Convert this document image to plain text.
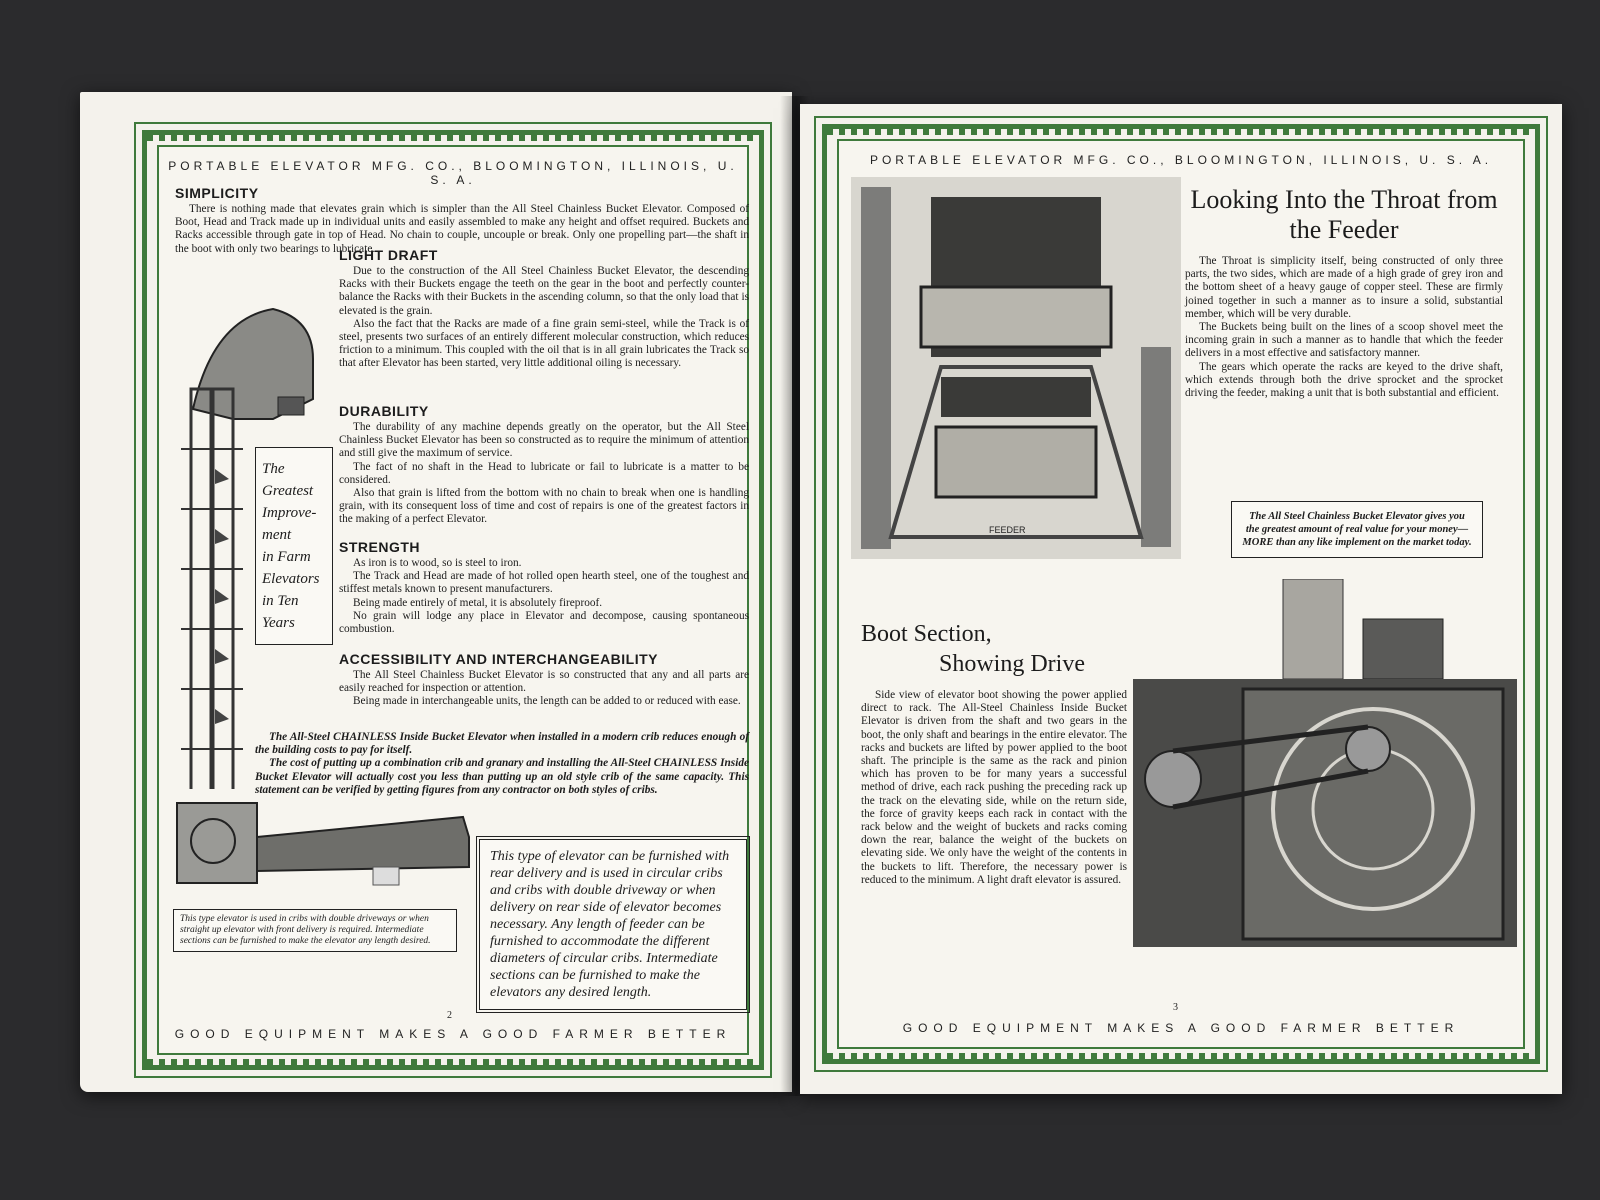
PORTABLE ELEVATOR MFG. CO., BLOOMINGTON, ILLINOIS, U. S. A.
SIMPLICITY

There is nothing made that elevates grain which is simpler than the All Steel Chainless Bucket Elevator. Composed of Boot, Head and Track made up in individual units and easily assembled to make any height and offset required. Buckets and Racks accessible through gate in top of Head. No chain to couple, uncouple or break. Only one propelling part—the shaft in the boot with only two bearings to lubricate.

LIGHT DRAFT

Due to the construction of the All Steel Chainless Bucket Elevator, the descending Racks with their Buckets engage the teeth on the gear in the boot and perfectly counter-balance the Racks with their Buckets in the ascending column, so that the only load that is elevated is the grain.

Also the fact that the Racks are made of a fine grain semi-steel, while the Track is of steel, presents two surfaces of an entirely different molecular construction, which reduces friction to a minimum. This coupled with the oil that is in all grain lubricates the Track so that after Elevator has been started, very little additional oiling is necessary.

DURABILITY

The durability of any machine depends greatly on the operator, but the All Steel Chainless Bucket Elevator has been so constructed as to require the minimum of attention and still give the maximum of service.

The fact of no shaft in the Head to lubricate or fail to lubricate is a matter to be considered.

Also that grain is lifted from the bottom with no chain to break when one is handling grain, with its consequent loss of time and cost of repairs is one of the greatest factors in the making of a perfect Elevator.

The
Greatest
Improve-
ment
in Farm
Elevators
in Ten
Years
STRENGTH

As iron is to wood, so is steel to iron.

The Track and Head are made of hot rolled open hearth steel, one of the toughest and stiffest metals known to present manufacturers.

Being made entirely of metal, it is absolutely fireproof.

No grain will lodge any place in Elevator and decompose, causing spontaneous combustion.

ACCESSIBILITY AND INTERCHANGEABILITY

The All Steel Chainless Bucket Elevator is so constructed that any and all parts are easily reached for inspection or attention.

Being made in interchangeable units, the length can be added to or reduced with ease.

The All-Steel CHAINLESS Inside Bucket Elevator when installed in a modern crib reduces enough of the building costs to pay for itself.

The cost of putting up a combination crib and granary and installing the All-Steel CHAINLESS Inside Bucket Elevator will actually cost you less than putting up an old style crib of the same capacity. This statement can be verified by getting figures from any contractor on both styles of cribs.

This type elevator is used in cribs with double driveways or when straight up elevator with front delivery is required. Intermediate sections can be furnished to make the elevator any length desired.
This type of elevator can be furnished with rear delivery and is used in circular cribs and cribs with double driveway or when delivery on rear side of elevator becomes necessary. Any length of feeder can be furnished to accommodate the different diameters of circular cribs. Intermediate sections can be furnished to make the elevators any desired length.
2
GOOD EQUIPMENT MAKES A GOOD FARMER BETTER
PORTABLE ELEVATOR MFG. CO., BLOOMINGTON, ILLINOIS, U. S. A.
FEEDER
Looking Into the Throat from the Feeder

The Throat is simplicity itself, being constructed of only three parts, the two sides, which are made of a high grade of grey iron and the bottom sheet of a heavy gauge of copper steel. These are firmly joined together in such a manner as to insure a solid, substantial member, which will be very durable.

The Buckets being built on the lines of a scoop shovel meet the incoming grain in such a manner as to handle that which the feeder delivers in a most effective and satisfactory manner.

The gears which operate the racks are keyed to the drive shaft, which extends through both the drive sprocket and the sprocket driving the feeder, making a unit that is both substantial and efficient.

The All Steel Chainless Bucket Elevator gives you the greatest amount of real value for your money—MORE than any like implement on the market today.
Boot Section,
Showing Drive

Side view of elevator boot showing the power applied direct to rack. The All-Steel Chainless Inside Bucket Elevator is driven from the shaft and two gears in the boot, the only shaft and bearings in the entire elevator. The racks and buckets are lifted by power applied to the boot shaft. The principle is the same as the rack and pinion which has proven to be for many years a successful method of drive, each rack pushing the preceding rack up the track on the elevating side, while on the return side, the force of gravity keeps each rack in contact with the rack below and the weight of buckets and racks coming down the rear, balance the weight of the buckets on elevating side. We only have the weight of the contents in the buckets to lift. Therefore, the necessary power is reduced to the minimum. A light draft elevator is assured.

3
GOOD EQUIPMENT MAKES A GOOD FARMER BETTER
